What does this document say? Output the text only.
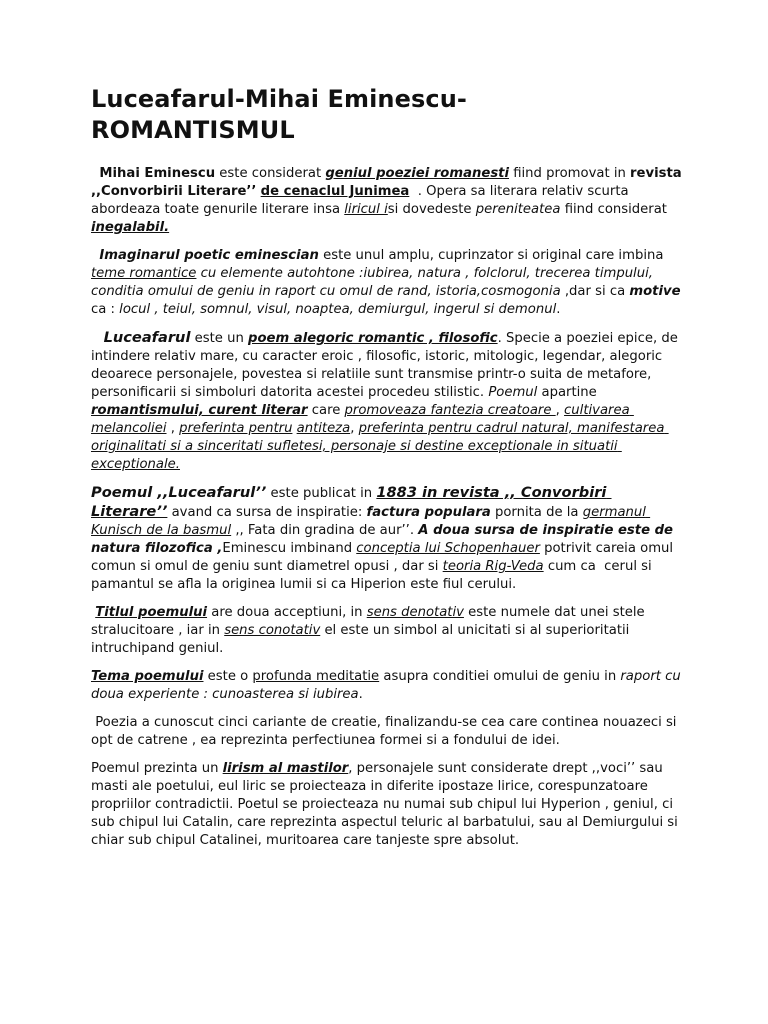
Luceafarul-Mihai Eminescu-
ROMANTISMUL

Mihai Eminescu este considerat geniul poeziei romanesti fiind promovat in revista ,,Convorbirii Literare’’ de cenaclul Junimea  . Opera sa literara relativ scurta abordeaza toate genurile literare insa liricul isi dovedeste pereniteatea fiind considerat inegalabil.

Imaginarul poetic eminescian este unul amplu, cuprinzator si original care imbina teme romantice cu elemente autohtone :iubirea, natura , folclorul, trecerea timpului, conditia omului de geniu in raport cu omul de rand, istoria,cosmogonia ,dar si ca motive ca : locul , teiul, somnul, visul, noaptea, demiurgul, ingerul si demonul.

Luceafarul este un poem alegoric romantic , filosofic. Specie a poeziei epice, de intindere relativ mare, cu caracter eroic , filosofic, istoric, mitologic, legendar, alegoric deoarece personajele, povestea si relatiile sunt transmise printr-o suita de metafore, personificarii si simboluri datorita acestei procedeu stilistic. Poemul apartine romantismului, curent literar care promoveaza fantezia creatoare , cultivarea melancoliei , preferinta pentru antiteza, preferinta pentru cadrul natural, manifestarea originalitati si a sinceritati sufletesi, personaje si destine exceptionale in situatii exceptionale.

Poemul ,,Luceafarul’’ este publicat in 1883 in revista ,, Convorbiri Literare’’ avand ca sursa de inspiratie: factura populara pornita de la germanul Kunisch de la basmul ,, Fata din gradina de aur’’. A doua sursa de inspiratie este de natura filozofica ,Eminescu imbinand conceptia lui Schopenhauer potrivit careia omul comun si omul de geniu sunt diametrel opusi , dar si teoria Rig-Veda cum ca  cerul si pamantul se afla la originea lumii si ca Hiperion este fiul cerului.

Titlul poemului are doua acceptiuni, in sens denotativ este numele dat unei stele stralucitoare , iar in sens conotativ el este un simbol al unicitati si al superioritatii intruchipand geniul.

Tema poemului este o profunda meditatie asupra conditiei omului de geniu in raport cu doua experiente : cunoasterea si iubirea.

Poezia a cunoscut cinci cariante de creatie, finalizandu-se cea care continea nouazeci si opt de catrene , ea reprezinta perfectiunea formei si a fondului de idei.

Poemul prezinta un lirism al mastilor, personajele sunt considerate drept ,,voci’’ sau masti ale poetului, eul liric se proiecteaza in diferite ipostaze lirice, corespunzatoare propriilor contradictii. Poetul se proiecteaza nu numai sub chipul lui Hyperion , geniul, ci sub chipul lui Catalin, care reprezinta aspectul teluric al barbatului, sau al Demiurgului si chiar sub chipul Catalinei, muritoarea care tanjeste spre absolut.
